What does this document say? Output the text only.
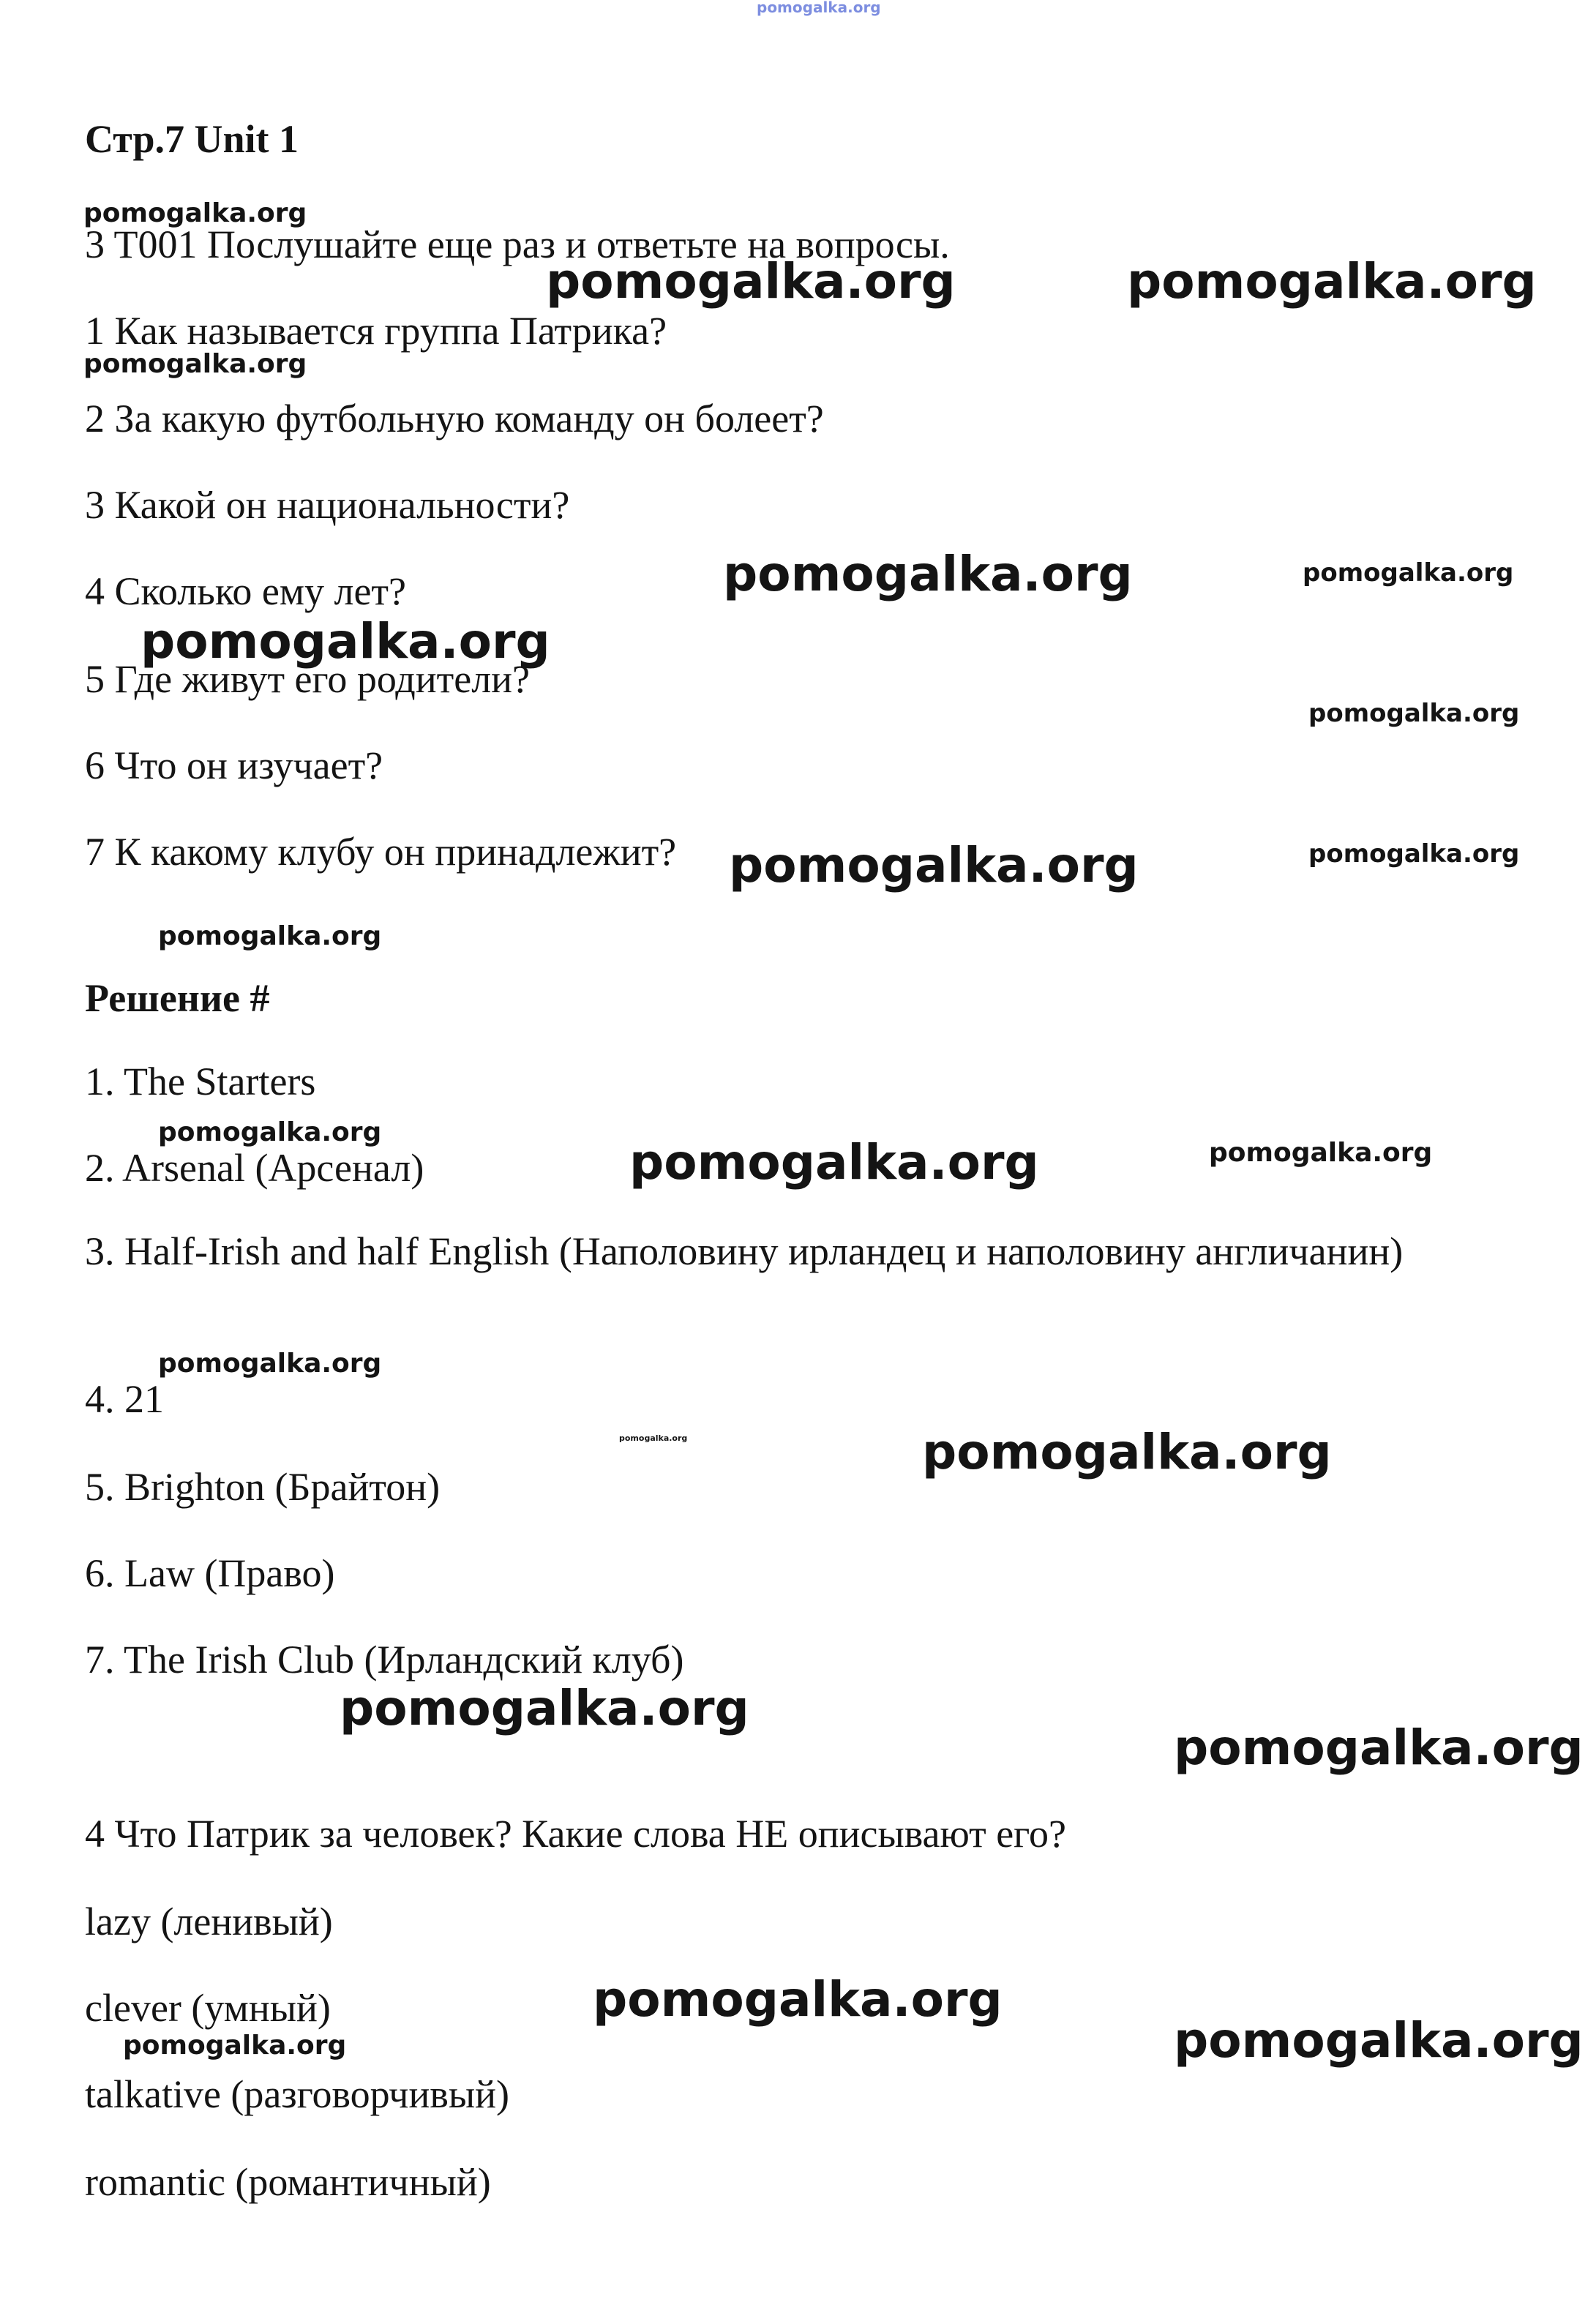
pomogalka.org
pomogalka.org
pomogalka.org	pomogalka.org
pomogalka.org
pomogalka.org	pomogalka.org
pomogalka.org
pomogalka.org
pomogalka.org	pomogalka.org
pomogalka.org
pomogalka.org
pomogalka.org	pomogalka.org
pomogalka.org
pomogalka.org	pomogalka.org
pomogalka.org
pomogalka.org
pomogalka.org
pomogalka.org	pomogalka.org

Стр.7 Unit 1

3 T001 Послушайте еще раз и ответьте на вопросы.

1 Как называется группа Патрика?

2 За какую футбольную команду он болеет?

3 Какой он национальности?

4 Сколько ему лет?

5 Где живут его родители?

6 Что он изучает?

7 К какому клубу он принадлежит?

Решение #

1. The Starters

2. Arsenal (Арсенал)

3. Half-Irish and half English (Наполовину ирландец и наполовину англичанин)

4. 21

5. Brighton (Брайтон)

6. Law (Право)

7. The Irish Club (Ирландский клуб)

4 Что Патрик за человек? Какие слова НЕ описывают его?

lazy (ленивый)

clever (умный)

talkative (разговорчивый)

romantic (романтичный)
